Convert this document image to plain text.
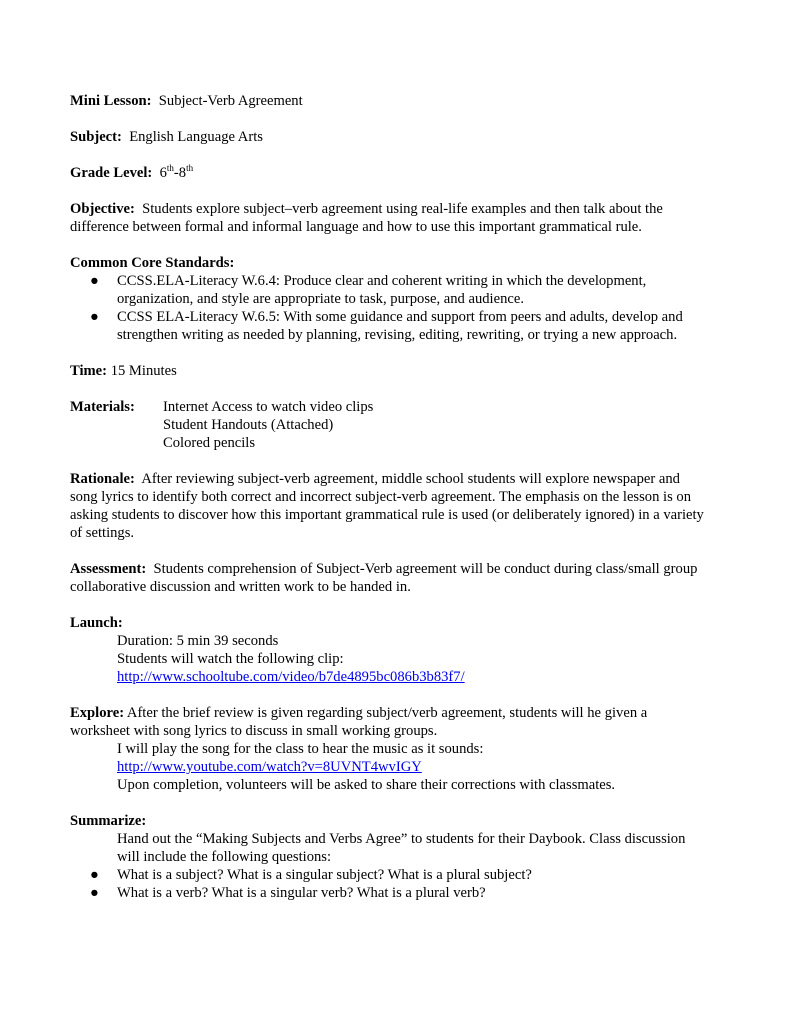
Mini Lesson: Subject-Verb Agreement

Subject: English Language Arts

Grade Level: 6th-8th

Objective: Students explore subject–verb agreement using real-life examples and then talk about the difference between formal and informal language and how to use this important grammatical rule.

Common Core Standards:
● CCSS.ELA-Literacy W.6.4: Produce clear and coherent writing in which the development, organization, and style are appropriate to task, purpose, and audience.
● CCSS ELA-Literacy W.6.5: With some guidance and support from peers and adults, develop and strengthen writing as needed by planning, revising, editing, rewriting, or trying a new approach.

Time: 15 Minutes

Materials:	Internet Access to watch video clips
Student Handouts (Attached)
Colored pencils

Rationale: After reviewing subject-verb agreement, middle school students will explore newspaper and song lyrics to identify both correct and incorrect subject-verb agreement. The emphasis on the lesson is on asking students to discover how this important grammatical rule is used (or deliberately ignored) in a variety of settings.

Assessment: Students comprehension of Subject-Verb agreement will be conduct during class/small group collaborative discussion and written work to be handed in.

Launch:
Duration: 5 min 39 seconds
Students will watch the following clip:
http://www.schooltube.com/video/b7de4895bc086b3b83f7/
Explore: After the brief review is given regarding subject/verb agreement, students will he given a worksheet with song lyrics to discuss in small working groups.
I will play the song for the class to hear the music as it sounds:
http://www.youtube.com/watch?v=8UVNT4wvIGY
Upon completion, volunteers will be asked to share their corrections with classmates.
Summarize:
Hand out the “Making Subjects and Verbs Agree” to students for their Daybook. Class discussion will include the following questions:
● What is a subject? What is a singular subject? What is a plural subject?
● What is a verb? What is a singular verb? What is a plural verb?
